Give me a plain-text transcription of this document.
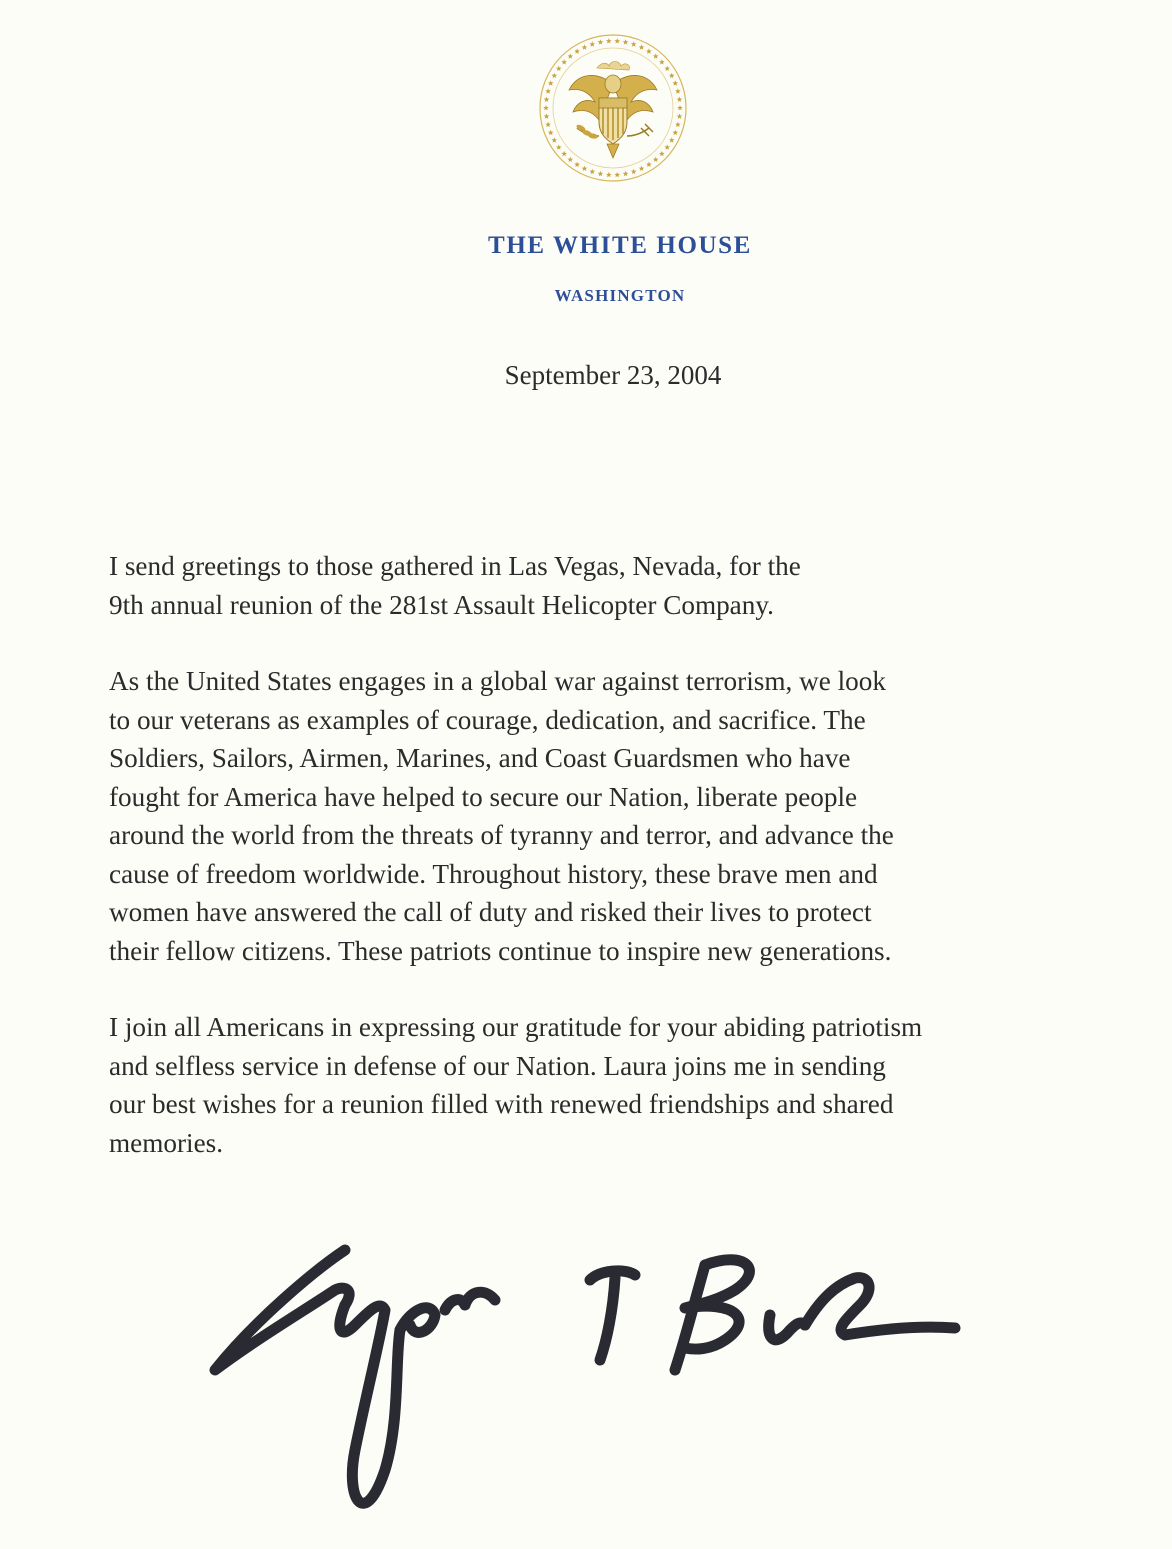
THE WHITE HOUSE
WASHINGTON
September 23, 2004
I send greetings to those gathered in Las Vegas, Nevada, for the
9th annual reunion of the 281st Assault Helicopter Company.
As the United States engages in a global war against terrorism, we look
to our veterans as examples of courage, dedication, and sacrifice. The
Soldiers, Sailors, Airmen, Marines, and Coast Guardsmen who have
fought for America have helped to secure our Nation, liberate people
around the world from the threats of tyranny and terror, and advance the
cause of freedom worldwide. Throughout history, these brave men and
women have answered the call of duty and risked their lives to protect
their fellow citizens. These patriots continue to inspire new generations.
I join all Americans in expressing our gratitude for your abiding patriotism
and selfless service in defense of our Nation. Laura joins me in sending
our best wishes for a reunion filled with renewed friendships and shared
memories.
